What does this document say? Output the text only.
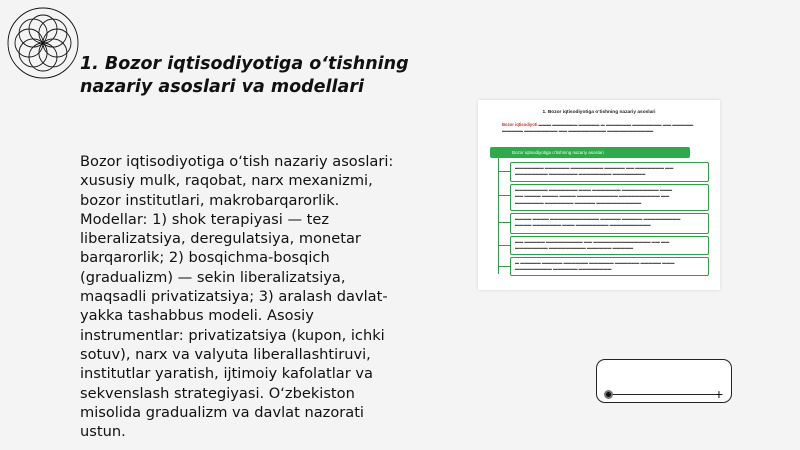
1. Bozor iqtisodiyotiga o‘tishning nazariy asoslari va modellari
Bozor iqtisodiyotiga o‘tish nazariy asoslari: xususiy mulk, raqobat, narx mexanizmi, bozor institutlari, makrobarqarorlik. Modellar: 1) shok terapiyasi — tez liberalizatsiya, deregulatsiya, monetar barqarorlik; 2) bosqichma-bosqich (gradualizm) — sekin liberalizatsiya, maqsadli privatizatsiya; 3) aralash davlat-yakka tashabbus modeli. Asosiy instrumentlar: privatizatsiya (kupon, ichki sotuv), narx va valyuta liberallashtiruvi, institutlar yaratish, ijtimoiy kafolatlar va sekvenslash strategiyasi. O‘zbekiston misolida gradualizm va davlat nazorati ustun.
1. Bozor iqtisodiyotiga o‘tishning nazariy asoslari
Bozor iqtisodiyoti ▬▬▬ ▬▬▬▬▬▬ ▬▬▬▬▬ ▬ ▬▬▬▬▬▬ ▬▬▬▬▬▬▬ ▬▬ ▬▬▬▬▬ ▬▬▬▬▬ ▬▬▬▬▬▬▬▬ ▬▬ ▬▬▬▬▬▬▬▬▬ ▬▬▬▬▬▬▬▬▬▬▬
Bozor iqtisodiyotiga o‘tishning nazariy asoslari
▬▬▬▬▬▬▬ ▬▬▬▬▬▬ ▬▬▬▬▬▬▬▬ ▬▬▬▬▬ ▬▬ ▬▬▬▬▬▬▬ ▬▬
▬▬▬▬▬▬▬▬ ▬▬▬▬▬▬▬ ▬▬▬▬▬▬▬▬ ▬▬▬▬▬▬▬▬
▬▬▬▬▬▬▬▬ ▬▬▬▬▬▬▬ ▬▬▬ ▬▬▬▬▬▬▬ ▬▬▬▬▬▬▬▬▬ ▬▬▬
▬▬ ▬▬▬▬ ▬▬▬▬ ▬▬▬▬ ▬▬▬▬▬▬▬▬▬▬ ▬▬▬▬▬▬▬▬▬▬ ▬▬
▬▬▬▬▬▬▬ ▬▬▬▬▬▬▬ ▬▬▬▬▬ ▬▬▬▬▬▬▬▬▬▬▬
▬▬▬▬ ▬▬▬▬ ▬▬▬▬▬▬▬▬▬▬▬▬ ▬▬▬▬▬ ▬▬▬▬▬ ▬▬▬▬▬▬▬▬▬
▬▬▬▬ ▬▬▬▬▬▬▬ ▬▬▬ ▬▬▬▬▬▬▬▬ ▬▬▬▬▬▬▬▬▬▬
▬▬ ▬▬▬▬▬ ▬▬▬▬▬▬▬▬▬ ▬▬ ▬▬▬▬▬▬▬▬▬▬▬▬▬▬ ▬▬ ▬▬
▬▬▬▬▬▬▬▬ ▬▬▬▬▬▬▬▬▬ ▬▬▬▬▬▬ ▬▬▬▬▬
▬ ▬▬▬▬▬ ▬▬▬▬▬ ▬▬▬▬▬▬ ▬▬▬▬▬▬ ▬▬▬▬▬▬ ▬▬▬▬▬ ▬▬▬
▬▬▬▬▬▬▬▬▬ ▬▬▬▬▬▬ ▬▬▬▬▬▬▬▬
+
